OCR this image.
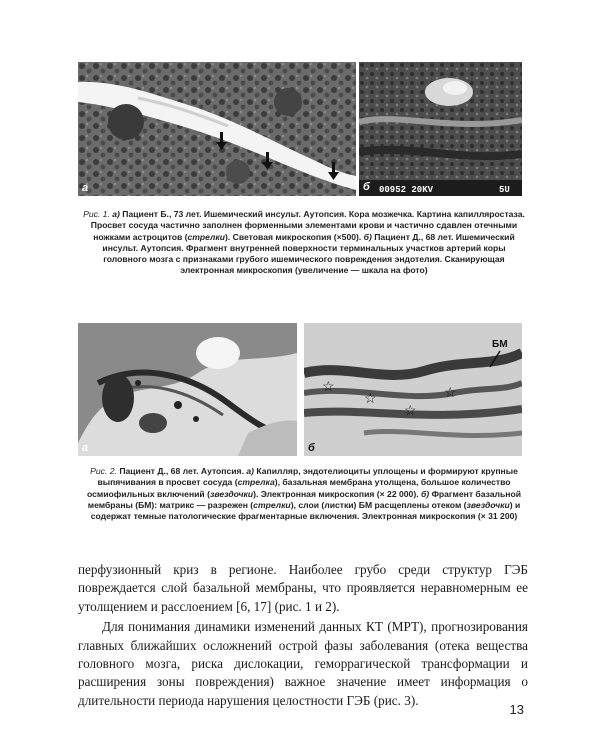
а	00952 20KV	5U
б
Рис. 1. а) Пациент Б., 73 лет. Ишемический инсульт. Аутопсия. Кора мозжечка. Картина капилляростаза. Просвет сосуда частично заполнен форменными элементами крови и частично сдавлен отечными ножками астроцитов (стрелки). Световая микроскопия (×500). б) Пациент Д., 68 лет. Ишемический инсульт. Аутопсия. Фрагмент внутренней поверхности терминальных участков артерий коры головного мозга с признаками грубого ишемического повреждения эндотелия. Сканирующая электронная микроскопия (увеличение — шкала на фото)
а
☆
☆
☆
☆
БМ
б
Рис. 2. Пациент Д., 68 лет. Аутопсия. а) Капилляр, эндотелиоциты уплощены и формируют крупные выпячивания в просвет сосуда (стрелка), базальная мембрана утолщена, большое количество осмиофильных включений (звездочки). Электронная микроскопия (× 22 000). б) Фрагмент базальной мембраны (БМ): матрикс — разрежен (стрелки), слои (листки) БМ расщеплены отеком (звездочки) и содержат темные патологические фрагментарные включения. Электронная микроскопия (× 31 200)

перфузионный криз в регионе. Наиболее грубо среди структур ГЭБ повреждается слой базальной мембраны, что проявляется неравномерным ее утолщением и расслоением [6, 17] (рис. 1 и 2).

Для понимания динамики изменений данных КТ (МРТ), прогнозирования главных ближайших осложнений острой фазы заболевания (отека вещества головного мозга, риска дислокации, геморрагической трансформации и расширения зоны повреждения) важное значение имеет информация о длительности периода нарушения целостности ГЭБ (рис. 3).

13
